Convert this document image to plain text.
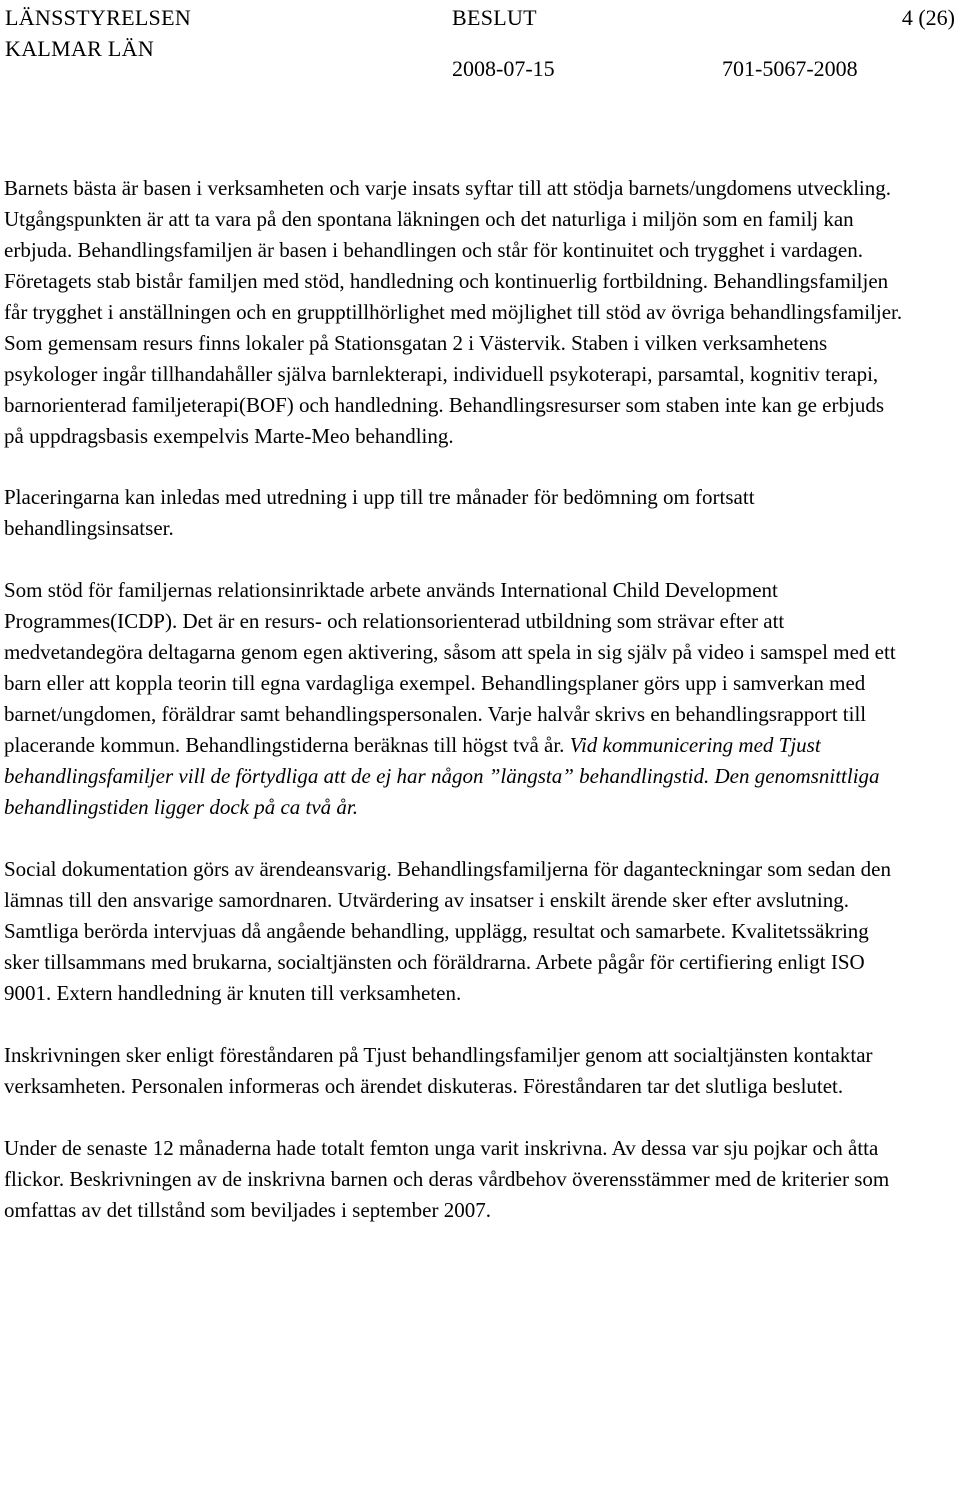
LÄNSSTYRELSEN
KALMAR LÄN
BESLUT	4 (26)
2008-07-15	701-5067-2008

Barnets bästa är basen i verksamheten och varje insats syftar till att stödja barnets/ungdomens utveckling. Utgångspunkten är att ta vara på den spontana läkningen och det naturliga i miljön som en familj kan erbjuda. Behandlingsfamiljen är basen i behandlingen och står för kontinuitet och trygghet i vardagen. Företagets stab bistår familjen med stöd, handledning och kontinuerlig fortbildning. Behandlingsfamiljen får trygghet i anställningen och en grupptillhörlighet med möjlighet till stöd av övriga behandlingsfamiljer. Som gemensam resurs finns lokaler på Stationsgatan 2 i Västervik. Staben i vilken verksamhetens psykologer ingår tillhandahåller själva barnlekterapi, individuell psykoterapi, parsamtal, kognitiv terapi, barnorienterad familjeterapi(BOF) och handledning. Behandlingsresurser som staben inte kan ge erbjuds på uppdragsbasis exempelvis Marte-Meo behandling.

Placeringarna kan inledas med utredning i upp till tre månader för bedömning om fortsatt behandlingsinsatser.

Som stöd för familjernas relationsinriktade arbete används International Child Development Programmes(ICDP). Det är en resurs- och relationsorienterad utbildning som strävar efter att medvetandegöra deltagarna genom egen aktivering, såsom att spela in sig själv på video i samspel med ett barn eller att koppla teorin till egna vardagliga exempel. Behandlingsplaner görs upp i samverkan med barnet/ungdomen, föräldrar samt behandlingspersonalen. Varje halvår skrivs en behandlingsrapport till placerande kommun. Behandlingstiderna beräknas till högst två år. Vid kommunicering med Tjust behandlingsfamiljer vill de förtydliga att de ej har någon ”längsta” behandlingstid. Den genomsnittliga behandlingstiden ligger dock på ca två år.

Social dokumentation görs av ärendeansvarig. Behandlingsfamiljerna för daganteckningar som sedan den lämnas till den ansvarige samordnaren. Utvärdering av insatser i enskilt ärende sker efter avslutning. Samtliga berörda intervjuas då angående behandling, upplägg, resultat och samarbete. Kvalitetssäkring sker tillsammans med brukarna, socialtjänsten och föräldrarna. Arbete pågår för certifiering enligt ISO 9001. Extern handledning är knuten till verksamheten.

Inskrivningen sker enligt föreståndaren på Tjust behandlingsfamiljer genom att socialtjänsten kontaktar verksamheten. Personalen informeras och ärendet diskuteras. Föreståndaren tar det slutliga beslutet.

Under de senaste 12 månaderna hade totalt femton unga varit inskrivna. Av dessa var sju pojkar och åtta flickor. Beskrivningen av de inskrivna barnen och deras vårdbehov överensstämmer med de kriterier som omfattas av det tillstånd som beviljades i september 2007.
